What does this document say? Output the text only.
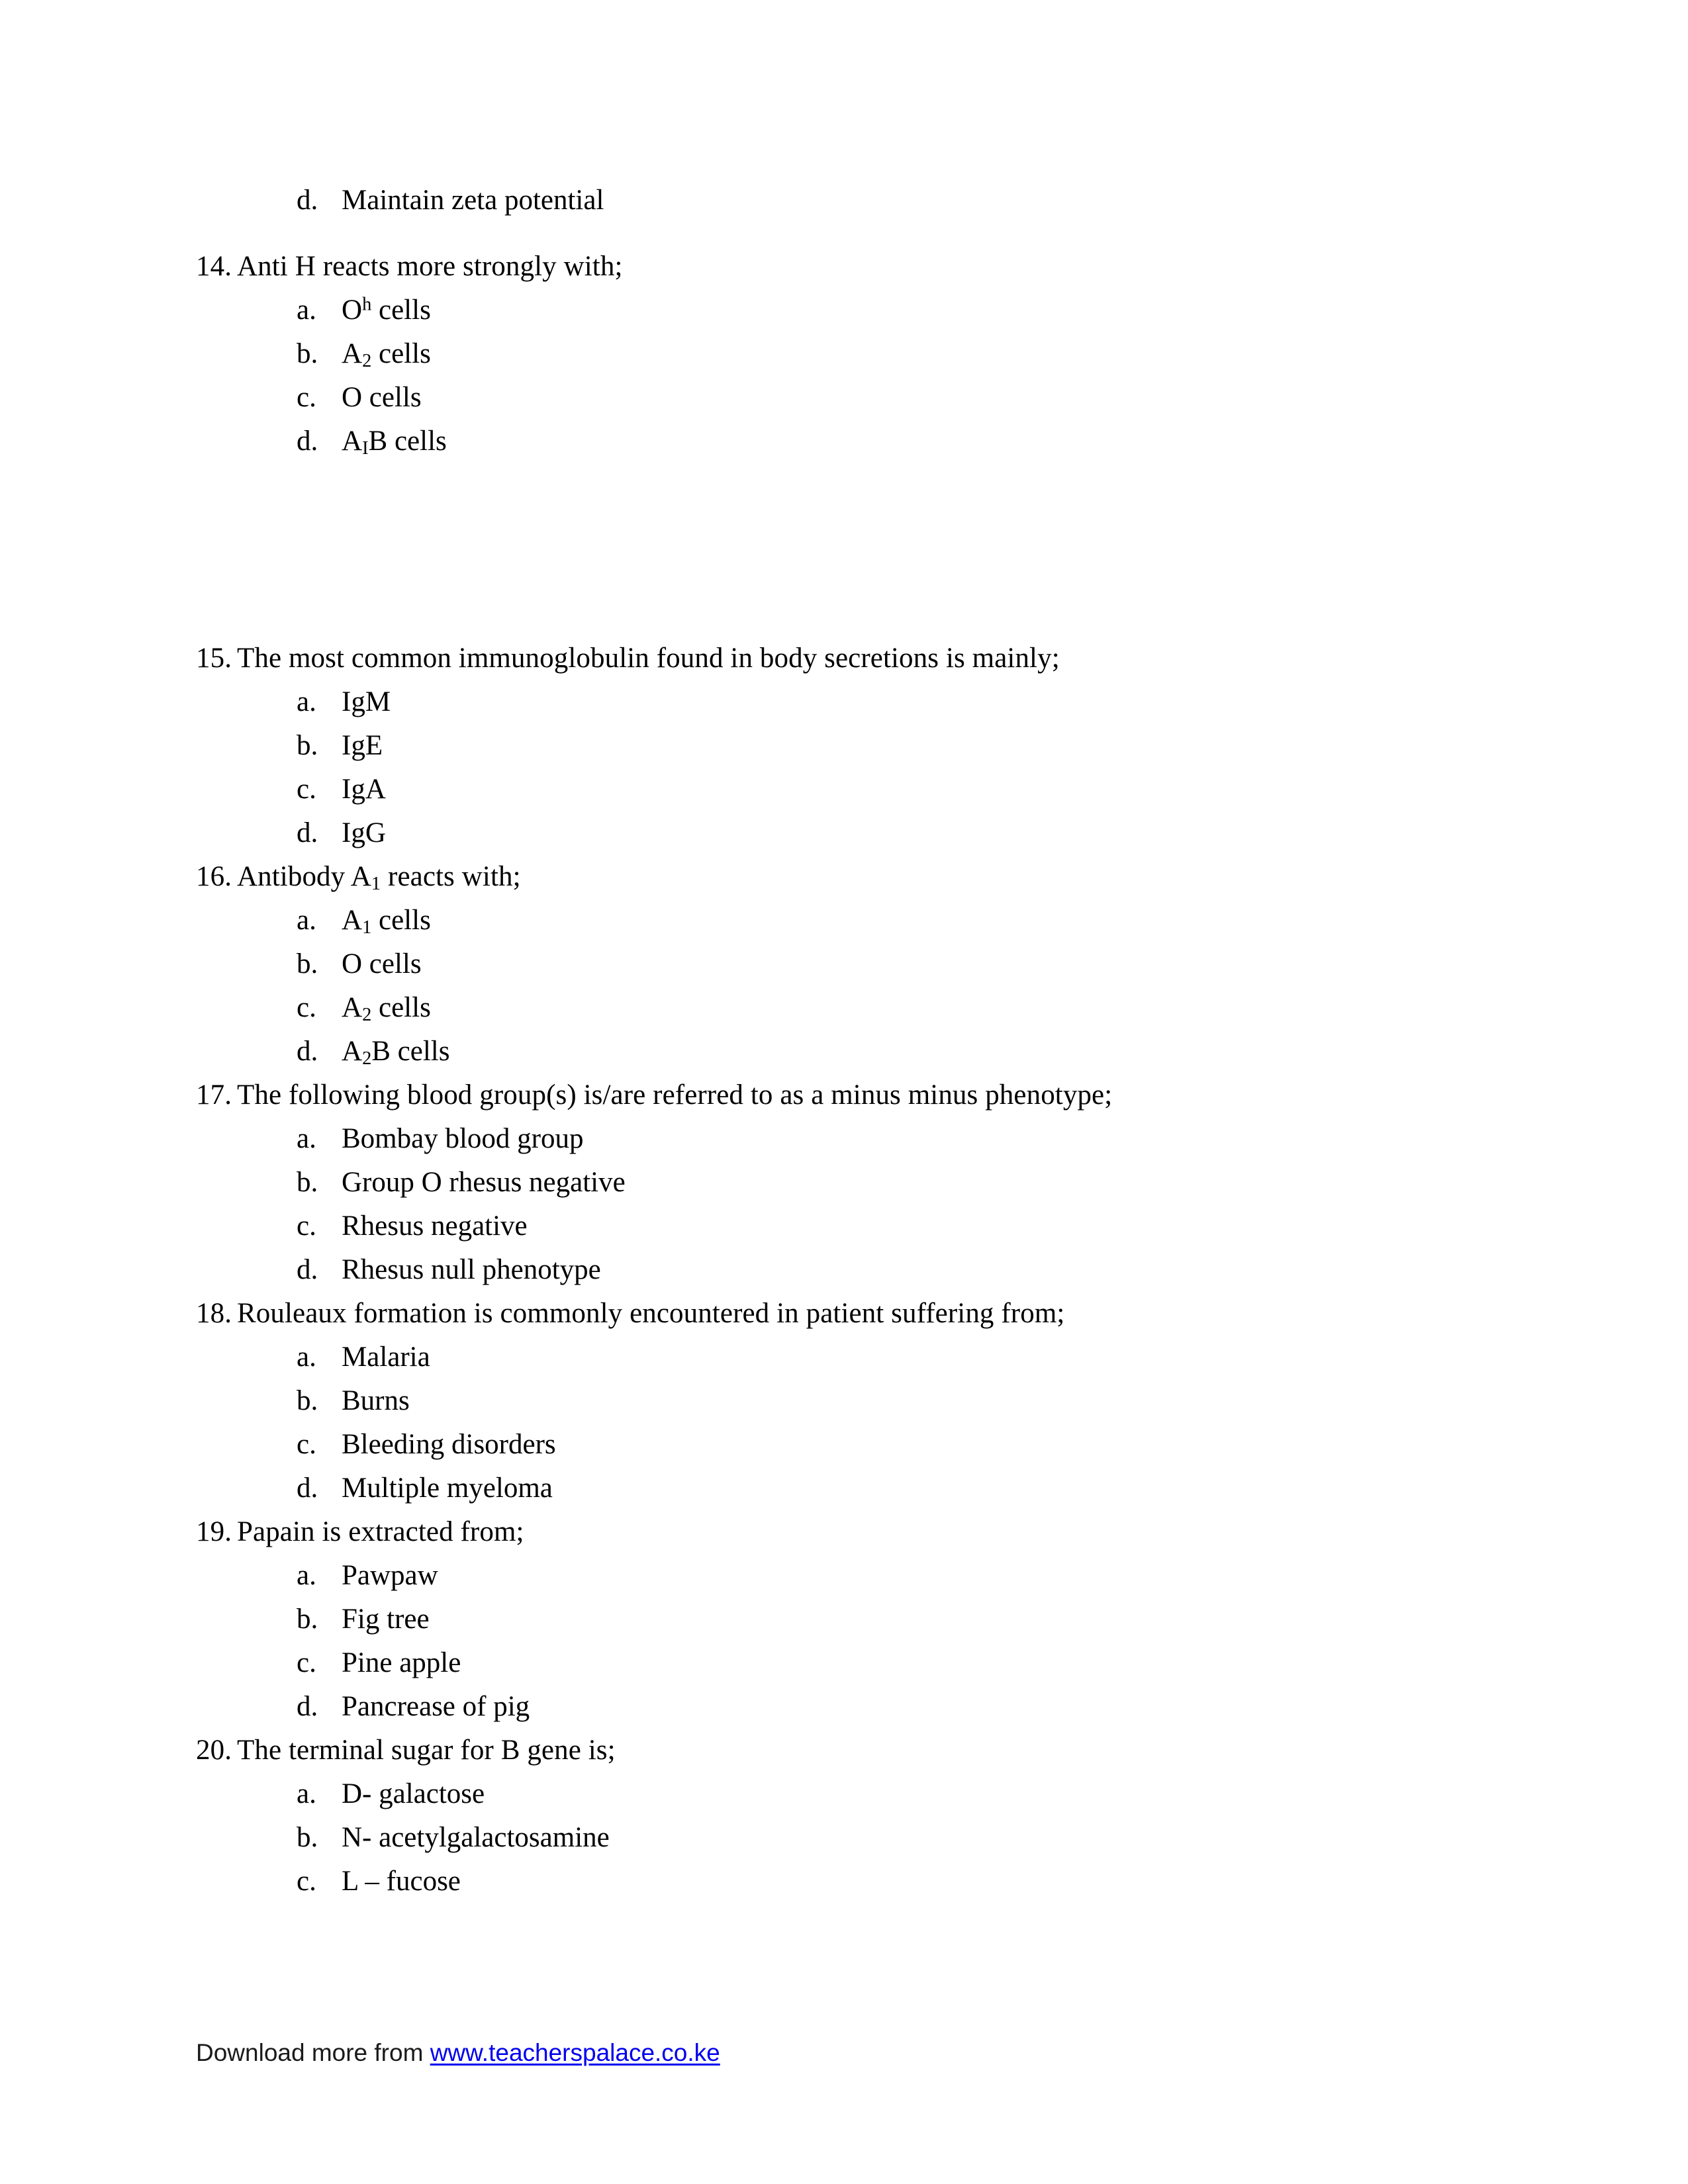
d. Maintain zeta potential
14. Anti H reacts more strongly with;
a. $O^h$ cells
b. $A_2$ cells
c. O cells
d. $A_IB$ cells
15. The most common immunoglobulin found in body secretions is mainly;
a. IgM
b. IgE
c. IgA
d. IgG
16. Antibody $A_1$ reacts with;
a. $A_1$ cells
b. O cells
c. $A_2$ cells
d. $A_2B$ cells
17. The following blood group(s) is/are referred to as a minus minus phenotype;
a. Bombay blood group
b. Group O rhesus negative
c. Rhesus negative
d. Rhesus null phenotype
18. Rouleaux formation is commonly encountered in patient suffering from;
a. Malaria
b. Burns
c. Bleeding disorders
d. Multiple myeloma
19. Papain is extracted from;
a. Pawpaw
b. Fig tree
c. Pine apple
d. Pancrease of pig
20. The terminal sugar for B gene is;
a. D- galactose
b. N- acetylgalactosamine
c. L – fucose
Download more from www.teacherspalace.co.ke
